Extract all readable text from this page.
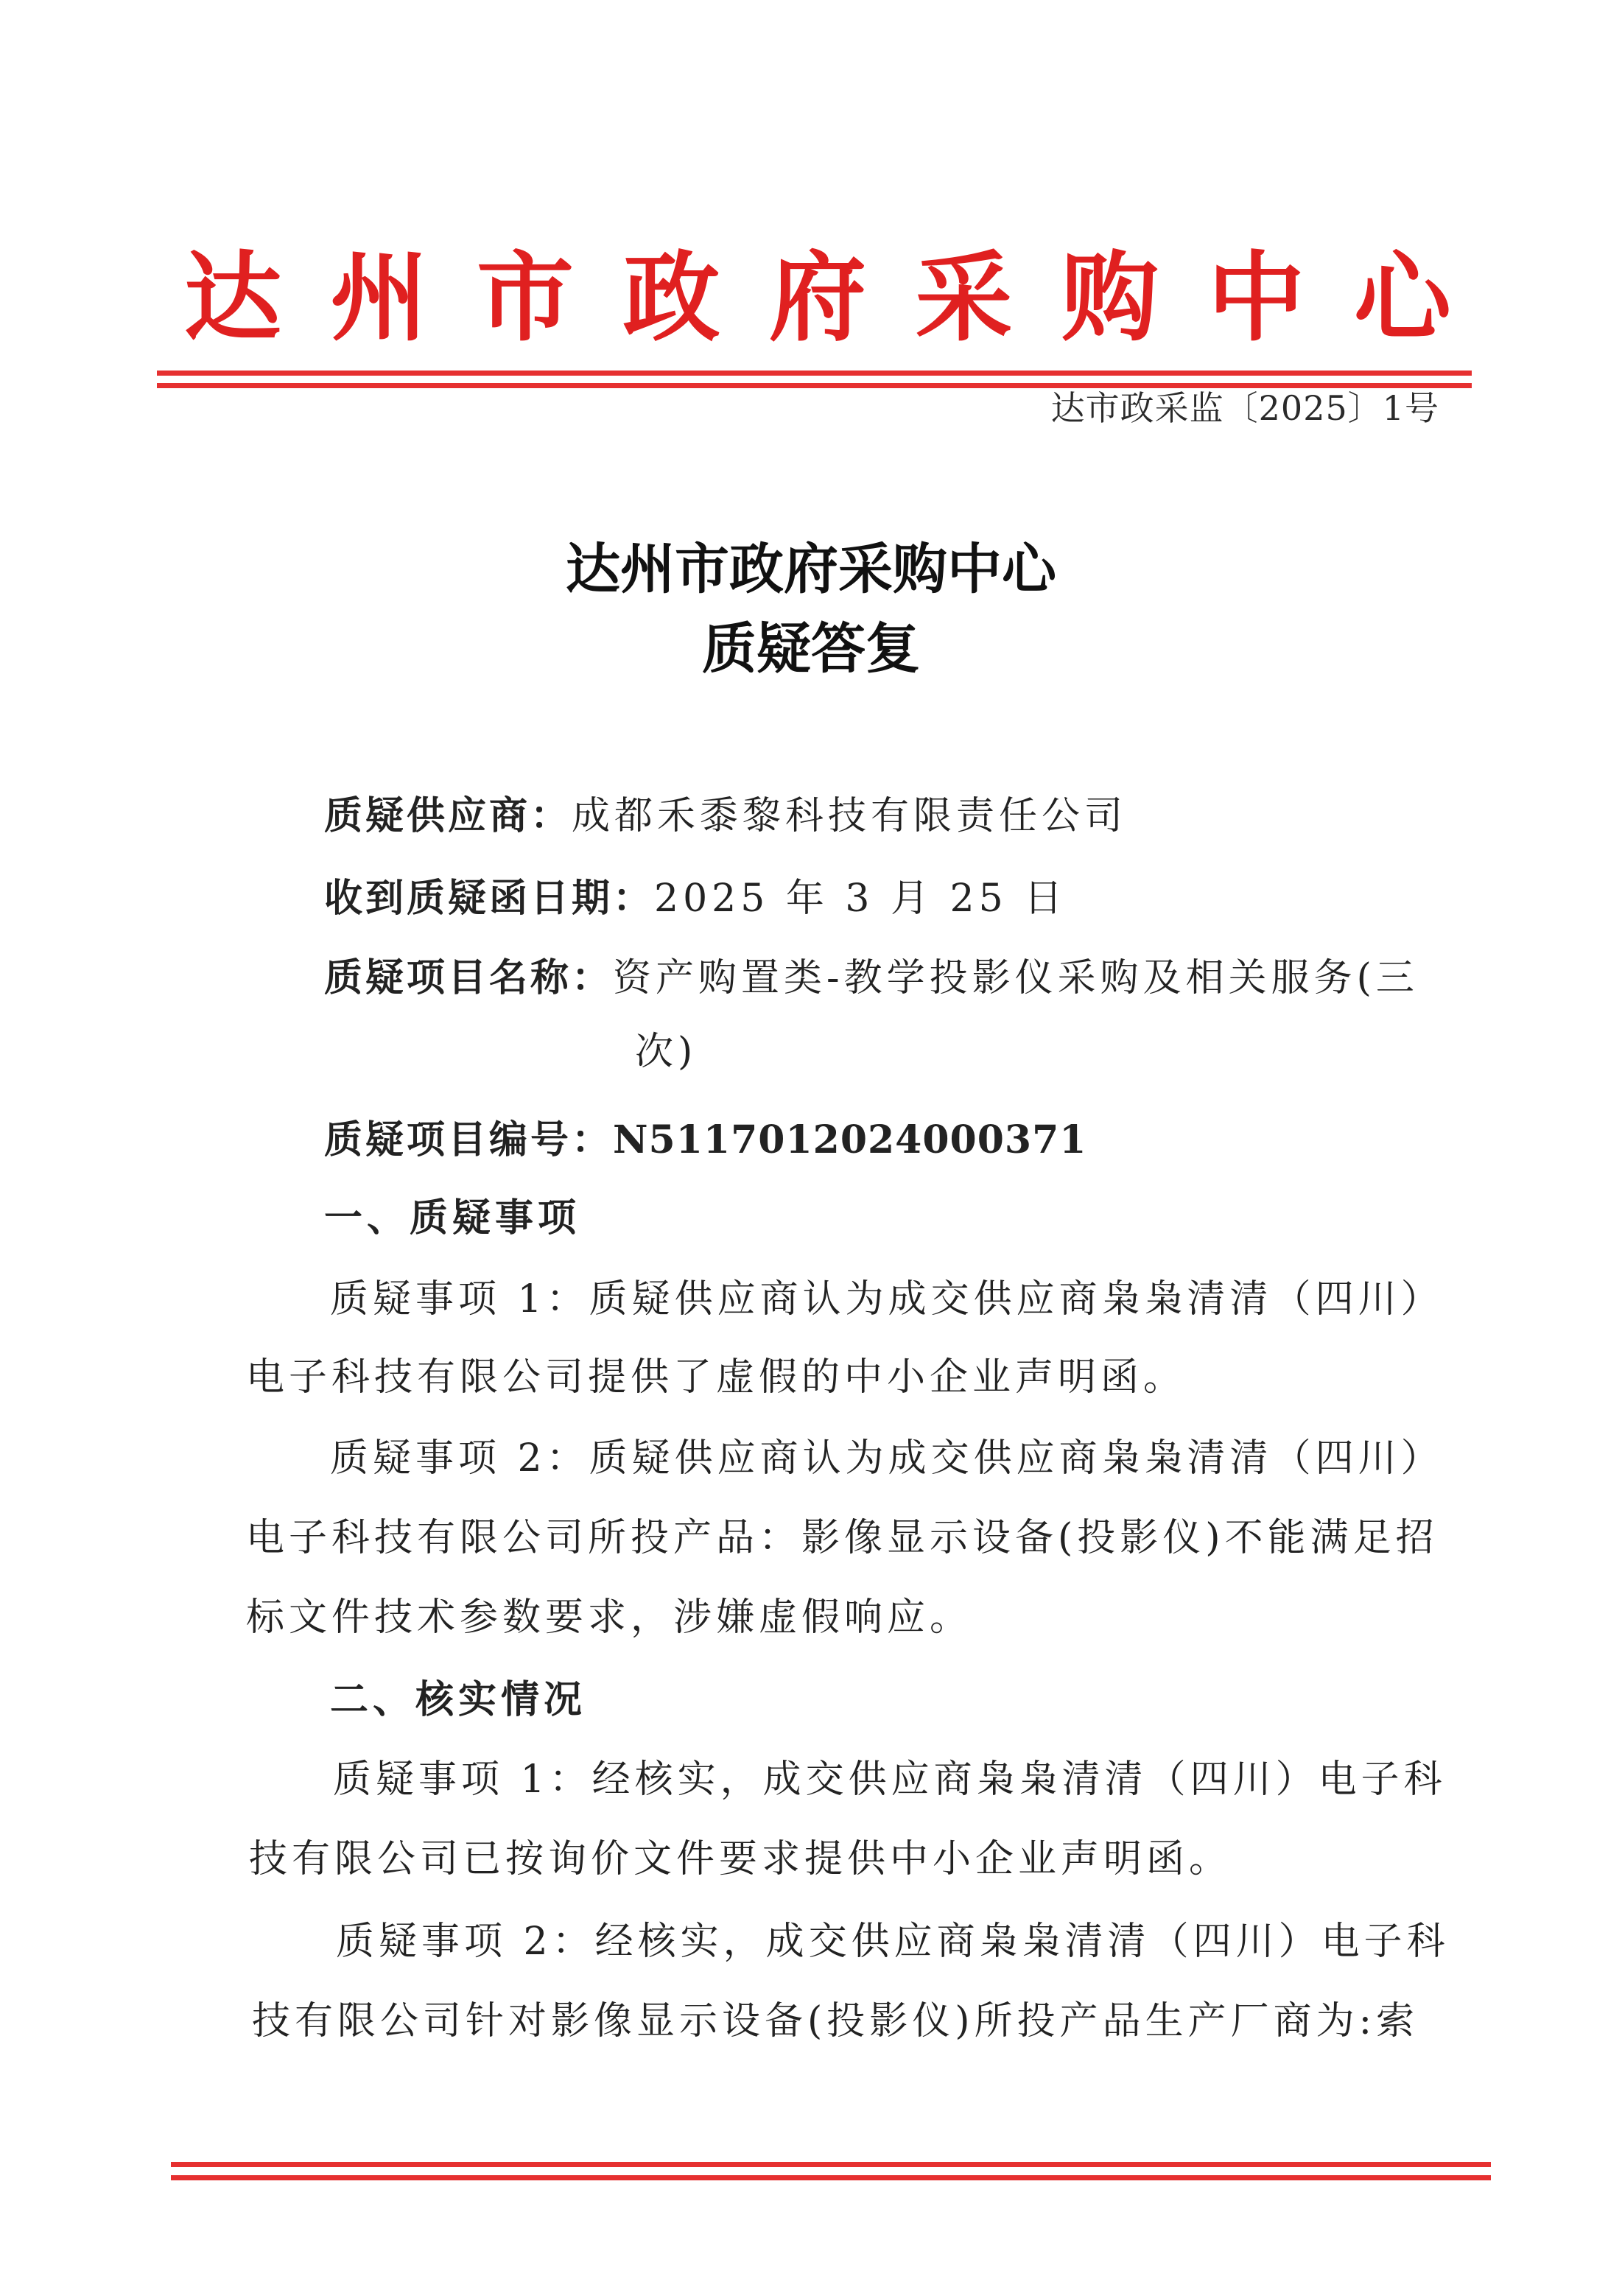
达 州 市 政 府 采 购 中 心
达市政采监〔2025〕1号
达州市政府采购中心
质疑答复
质疑供应商：成都禾黍黎科技有限责任公司
收到质疑函日期：2025 年 3 月 25 日
质疑项目名称：资产购置类-教学投影仪采购及相关服务(三
次)
质疑项目编号：N5117012024000371
一、质疑事项
质疑事项 1：质疑供应商认为成交供应商枭枭清清（四川）
电子科技有限公司提供了虚假的中小企业声明函。
质疑事项 2：质疑供应商认为成交供应商枭枭清清（四川）
电子科技有限公司所投产品：影像显示设备(投影仪)不能满足招
标文件技术参数要求，涉嫌虚假响应。
二、核实情况
质疑事项 1：经核实，成交供应商枭枭清清（四川）电子科
技有限公司已按询价文件要求提供中小企业声明函。
质疑事项 2：经核实，成交供应商枭枭清清（四川）电子科
技有限公司针对影像显示设备(投影仪)所投产品生产厂商为:索
